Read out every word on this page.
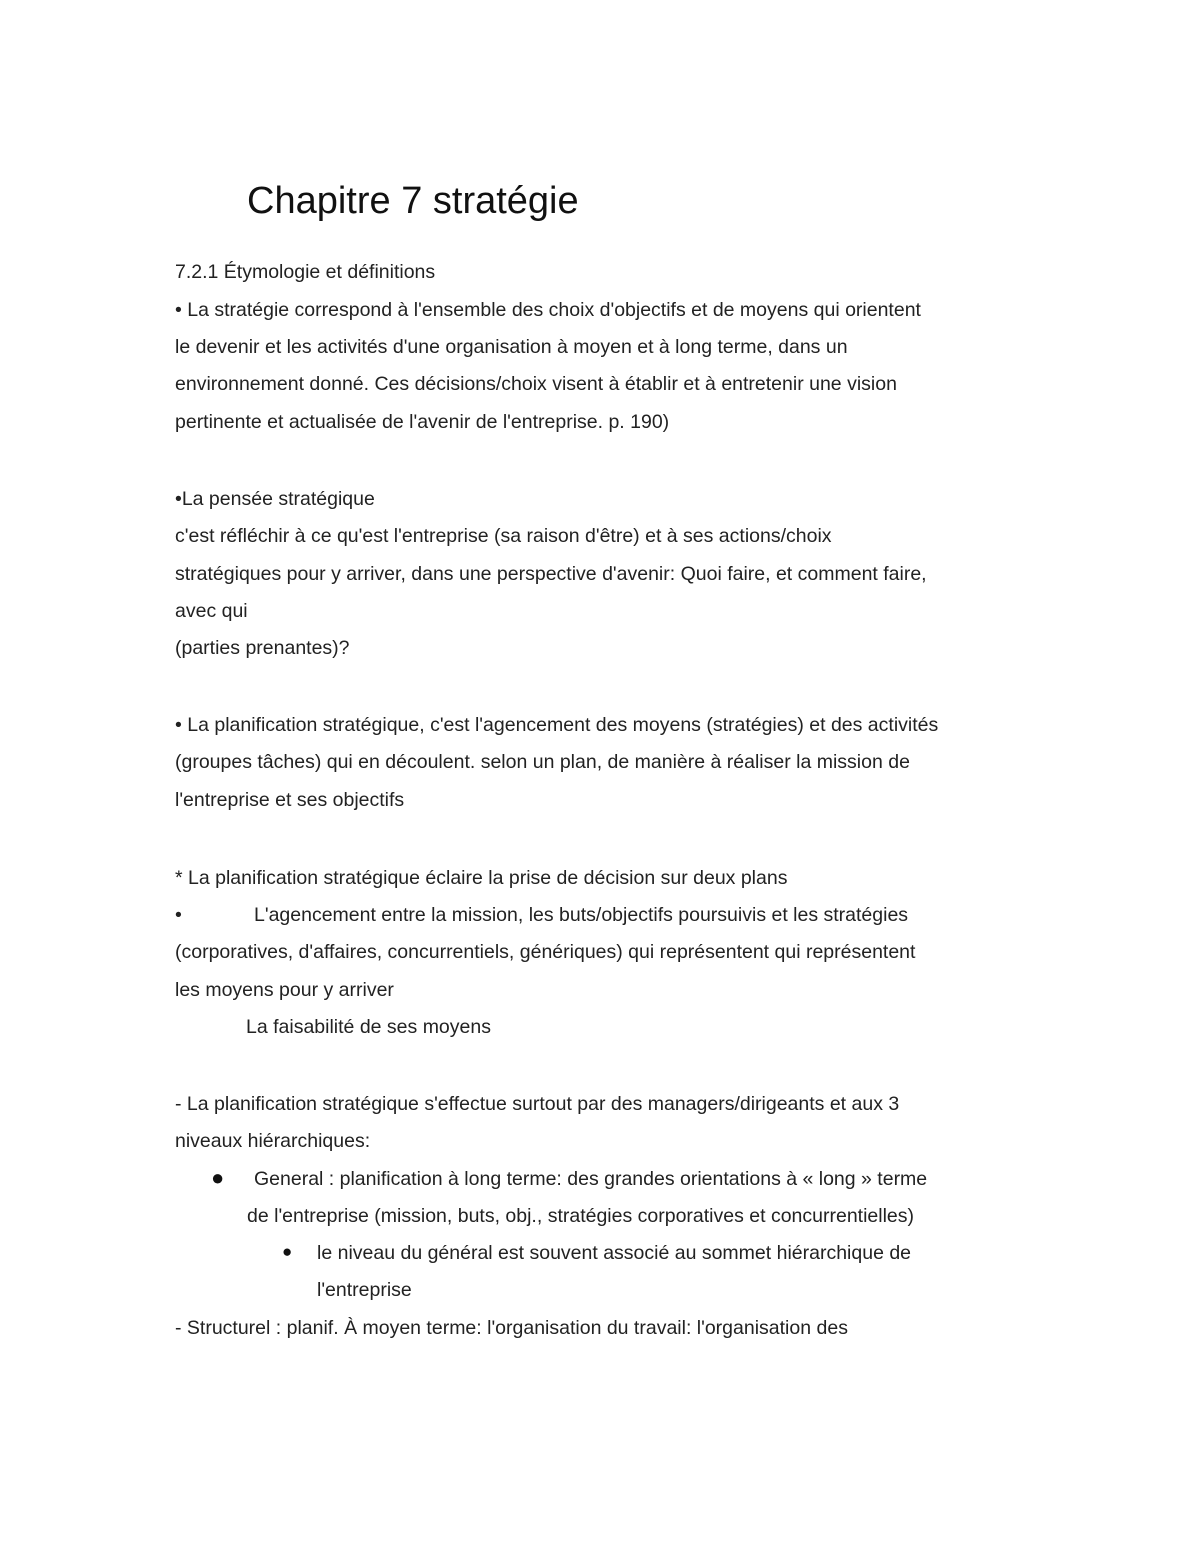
Chapitre 7 stratégie

7.2.1 Étymologie et définitions

• La stratégie correspond à l'ensemble des choix d'objectifs et de moyens qui orientent

le devenir et les activités d'une organisation à moyen et à long terme, dans un

environnement donné. Ces décisions/choix visent à établir et à entretenir une vision

pertinente et actualisée de l'avenir de l'entreprise. p. 190)

•La pensée stratégique

c'est réfléchir à ce qu'est l'entreprise (sa raison d'être) et à ses actions/choix

stratégiques pour y arriver, dans une perspective d'avenir: Quoi faire, et comment faire,

avec qui

(parties prenantes)?

• La planification stratégique, c'est l'agencement des moyens (stratégies) et des activités

(groupes tâches) qui en découlent. selon un plan, de manière à réaliser la mission de

l'entreprise et ses objectifs

* La planification stratégique éclaire la prise de décision sur deux plans

•	L'agencement entre la mission, les buts/objectifs poursuivis et les stratégies

(corporatives, d'affaires, concurrentiels, génériques) qui représentent qui représentent

les moyens pour y arriver

La faisabilité de ses moyens

- La planification stratégique s'effectue surtout par des managers/dirigeants et aux 3

niveaux hiérarchiques:

● General : planification à long terme: des grandes orientations à « long » terme

de l'entreprise (mission, buts, obj., stratégies corporatives et concurrentielles)

● le niveau du général est souvent associé au sommet hiérarchique de

l'entreprise

- Structurel : planif. À moyen terme: l'organisation du travail: l'organisation des
